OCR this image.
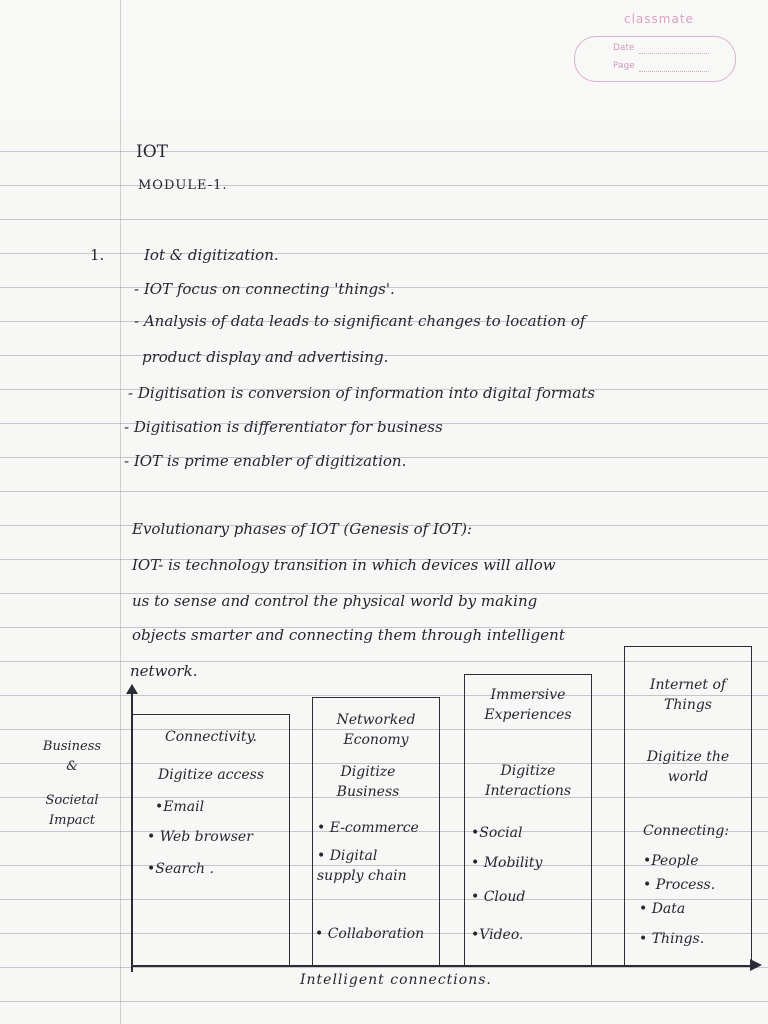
classmate
Date
Page
IOT
MODULE-1.
1.	Iot & digitization.
- IOT focus on connecting 'things'.
- Analysis of data leads to significant changes to location of
product display and advertising.
- Digitisation is conversion of information into digital formats
- Digitisation is differentiator for business
- IOT is prime enabler of digitization.
Evolutionary phases of IOT (Genesis of IOT):
IOT- is technology transition in which devices will allow
us to sense and control the physical world by making
objects smarter and connecting them through intelligent
network.
Business
&
Societal
Impact
Connectivity.
Digitize access
•Email
• Web browser
•Search .
Networked Economy
Digitize Business
• E-commerce
• Digital supply chain
• Collaboration
Immersive Experiences
Digitize Interactions
•Social
• Mobility
• Cloud
•Video.
Internet of Things
Digitize the world
Connecting:
•People
• Process.
• Data
• Things.
Intelligent connections.
